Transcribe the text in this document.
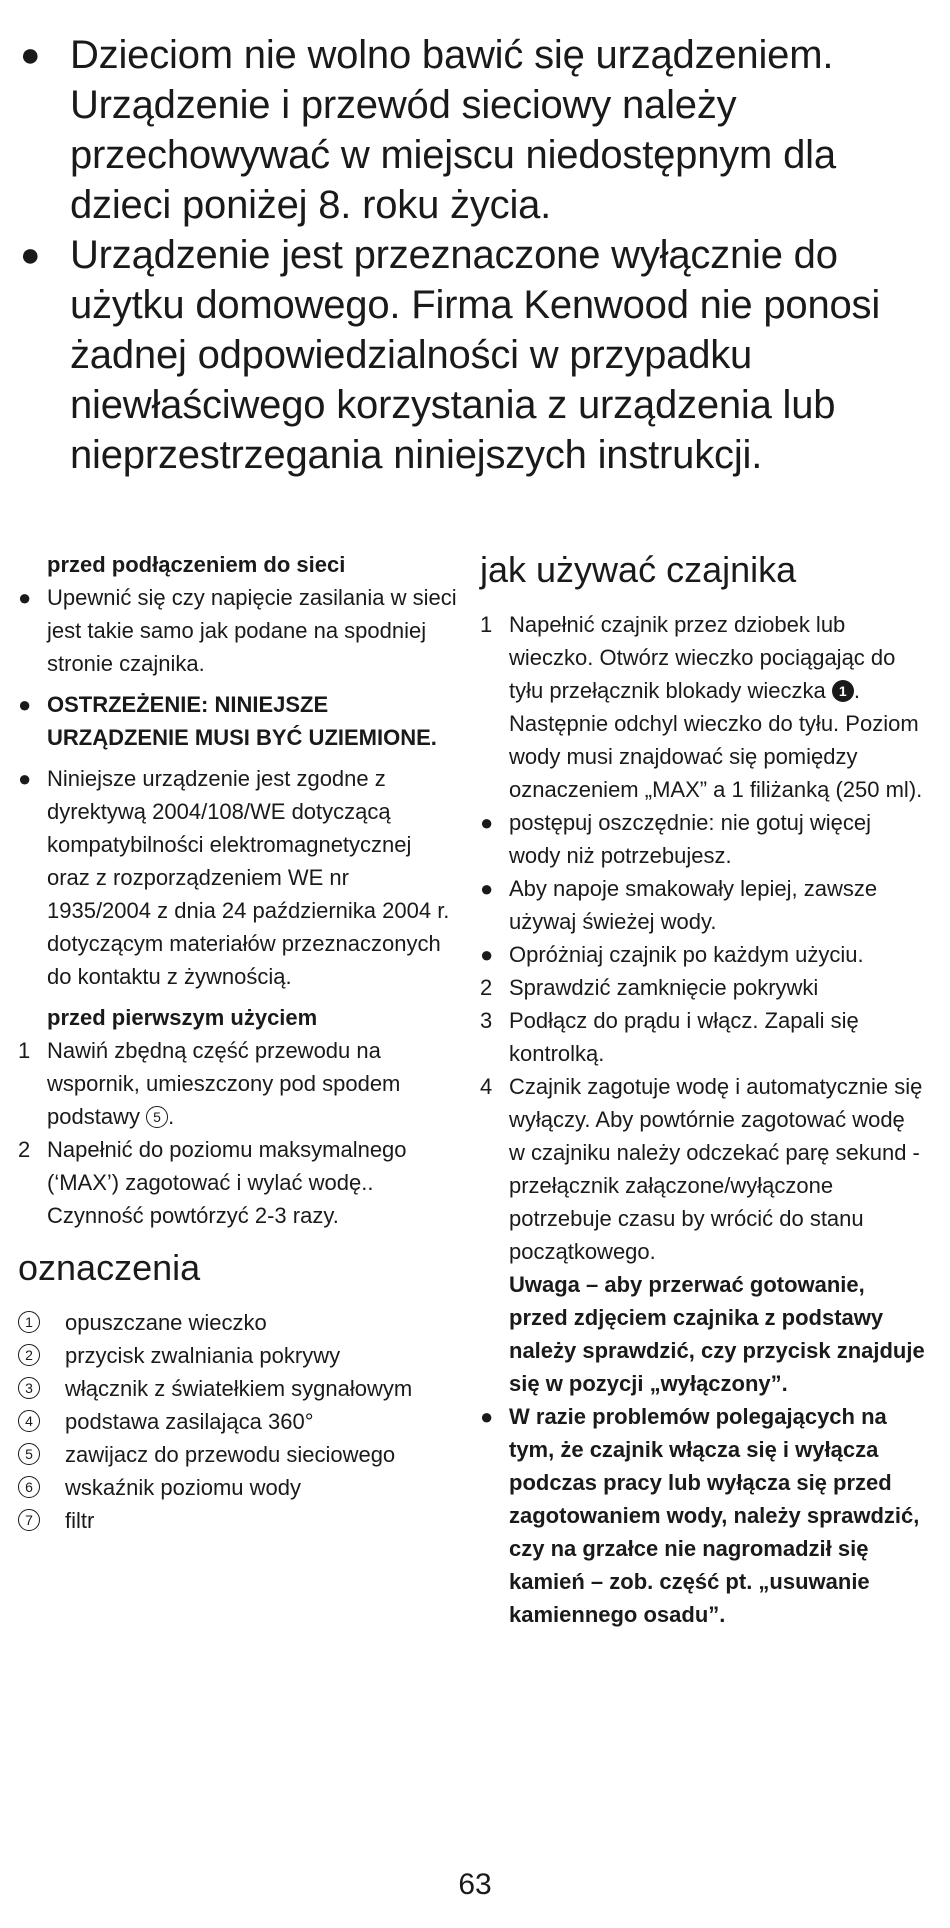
● Dzieciom nie wolno bawić się urządzeniem. Urządzenie i przewód sieciowy należy przechowywać w miejscu niedostępnym dla dzieci poniżej 8. roku życia.
● Urządzenie jest przeznaczone wyłącznie do użytku domowego. Firma Kenwood nie ponosi żadnej odpowiedzialności w przypadku niewłaściwego korzystania z urządzenia lub nieprzestrzegania niniejszych instrukcji.
przed podłączeniem do sieci
● Upewnić się czy napięcie zasilania w sieci jest takie samo jak podane na spodniej stronie czajnika.
● OSTRZEŻENIE: NINIEJSZE URZĄDZENIE MUSI BYĆ UZIEMIONE.
● Niniejsze urządzenie jest zgodne z dyrektywą 2004/108/WE dotyczącą kompatybilności elektromagnetycznej oraz z rozporządzeniem WE nr 1935/2004 z dnia 24 października 2004 r. dotyczącym materiałów przeznaczonych do kontaktu z żywnością.
przed pierwszym użyciem
1 Nawiń zbędną część przewodu na wspornik, umieszczony pod spodem podstawy 5 .
2 Napełnić do poziomu maksymalnego (‘MAX’) zagotować i wylać wodę.. Czynność powtórzyć 2-3 razy.
oznaczenia
1	opuszczane wieczko
2	przycisk zwalniania pokrywy
3	włącznik z światełkiem sygnałowym
4	podstawa zasilająca 360°
5	zawijacz do przewodu sieciowego
6	wskaźnik poziomu wody
7	filtr
jak używać czajnika
1 Napełnić czajnik przez dziobek lub wieczko. Otwórz wieczko pociągając do tyłu przełącznik blokady wieczka 1 . Następnie odchyl wieczko do tyłu. Poziom wody musi znajdować się pomiędzy oznaczeniem „MAX” a 1 filiżanką (250 ml).
● postępuj oszczędnie: nie gotuj więcej wody niż potrzebujesz.
● Aby napoje smakowały lepiej, zawsze używaj świeżej wody.
● Opróżniaj czajnik po każdym użyciu.
2 Sprawdzić zamknięcie pokrywki
3 Podłącz do prądu i włącz. Zapali się kontrolką.
4 Czajnik zagotuje wodę i automatycznie się wyłączy. Aby powtórnie zagotować wodę w czajniku należy odczekać parę sekund - przełącznik załączone/wyłączone potrzebuje czasu by wrócić do stanu początkowego.
Uwaga – aby przerwać gotowanie, przed zdjęciem czajnika z podstawy należy sprawdzić, czy przycisk znajduje się w pozycji „wyłączony”.
● W razie problemów polegających na tym, że czajnik włącza się i wyłącza podczas pracy lub wyłącza się przed zagotowaniem wody, należy sprawdzić, czy na grzałce nie nagromadził się kamień – zob. część pt. „usuwanie kamiennego osadu”.
63
